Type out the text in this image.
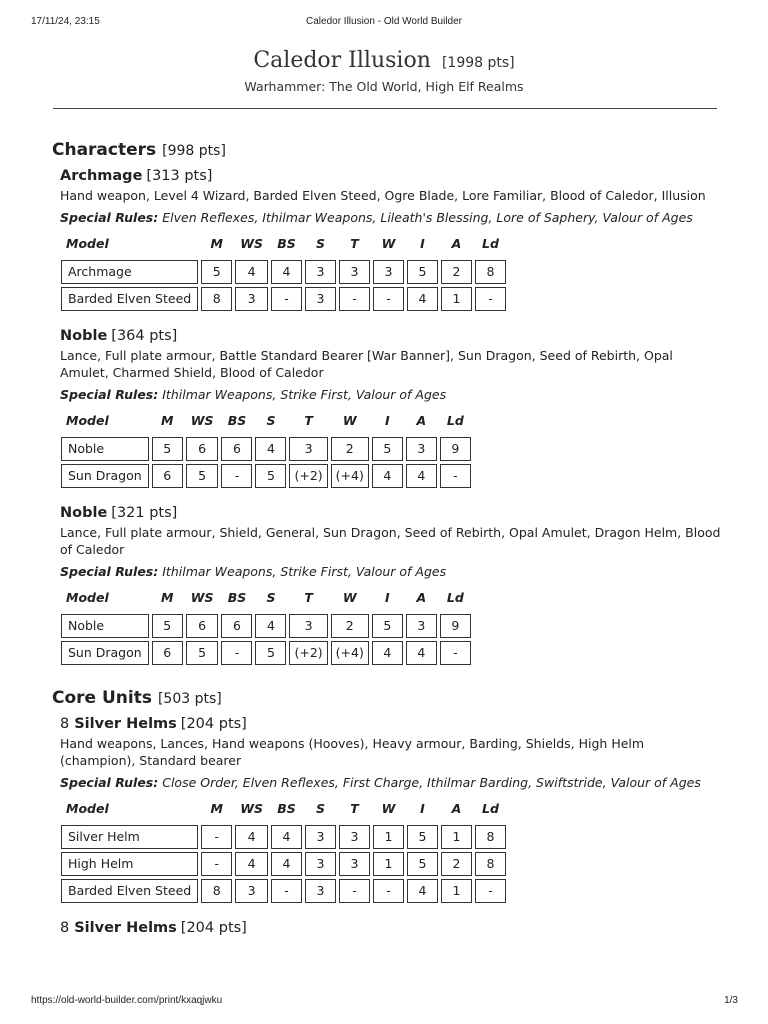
17/11/24, 23:15	Caledor Illusion - Old World Builder
Caledor Illusion [1998 pts]
Warhammer: The Old World, High Elf Realms
Characters [998 pts]
Archmage [313 pts]
Hand weapon, Level 4 Wizard, Barded Elven Steed, Ogre Blade, Lore Familiar, Blood of Caledor, Illusion
Special Rules: Elven Reflexes, Ithilmar Weapons, Lileath's Blessing, Lore of Saphery, Valour of Ages
Model	M	WS	BS	S	T	W	I	A	Ld
Archmage	5	4	4	3	3	3	5	2	8
Barded Elven Steed	8	3	-	3	-	-	4	1	-
Noble [364 pts]
Lance, Full plate armour, Battle Standard Bearer [War Banner], Sun Dragon, Seed of Rebirth, Opal Amulet, Charmed Shield, Blood of Caledor
Special Rules: Ithilmar Weapons, Strike First, Valour of Ages
Model	M	WS	BS	S	T	W	I	A	Ld
Noble	5	6	6	4	3	2	5	3	9
Sun Dragon	6	5	-	5	(+2)	(+4)	4	4	-
Noble [321 pts]
Lance, Full plate armour, Shield, General, Sun Dragon, Seed of Rebirth, Opal Amulet, Dragon Helm, Blood of Caledor
Special Rules: Ithilmar Weapons, Strike First, Valour of Ages
Model	M	WS	BS	S	T	W	I	A	Ld
Noble	5	6	6	4	3	2	5	3	9
Sun Dragon	6	5	-	5	(+2)	(+4)	4	4	-
Core Units [503 pts]
8 Silver Helms [204 pts]
Hand weapons, Lances, Hand weapons (Hooves), Heavy armour, Barding, Shields, High Helm (champion), Standard bearer
Special Rules: Close Order, Elven Reflexes, First Charge, Ithilmar Barding, Swiftstride, Valour of Ages
Model	M	WS	BS	S	T	W	I	A	Ld
Silver Helm	-	4	4	3	3	1	5	1	8
High Helm	-	4	4	3	3	1	5	2	8
Barded Elven Steed	8	3	-	3	-	-	4	1	-
8 Silver Helms [204 pts]
https://old-world-builder.com/print/kxaqjwku	1/3
